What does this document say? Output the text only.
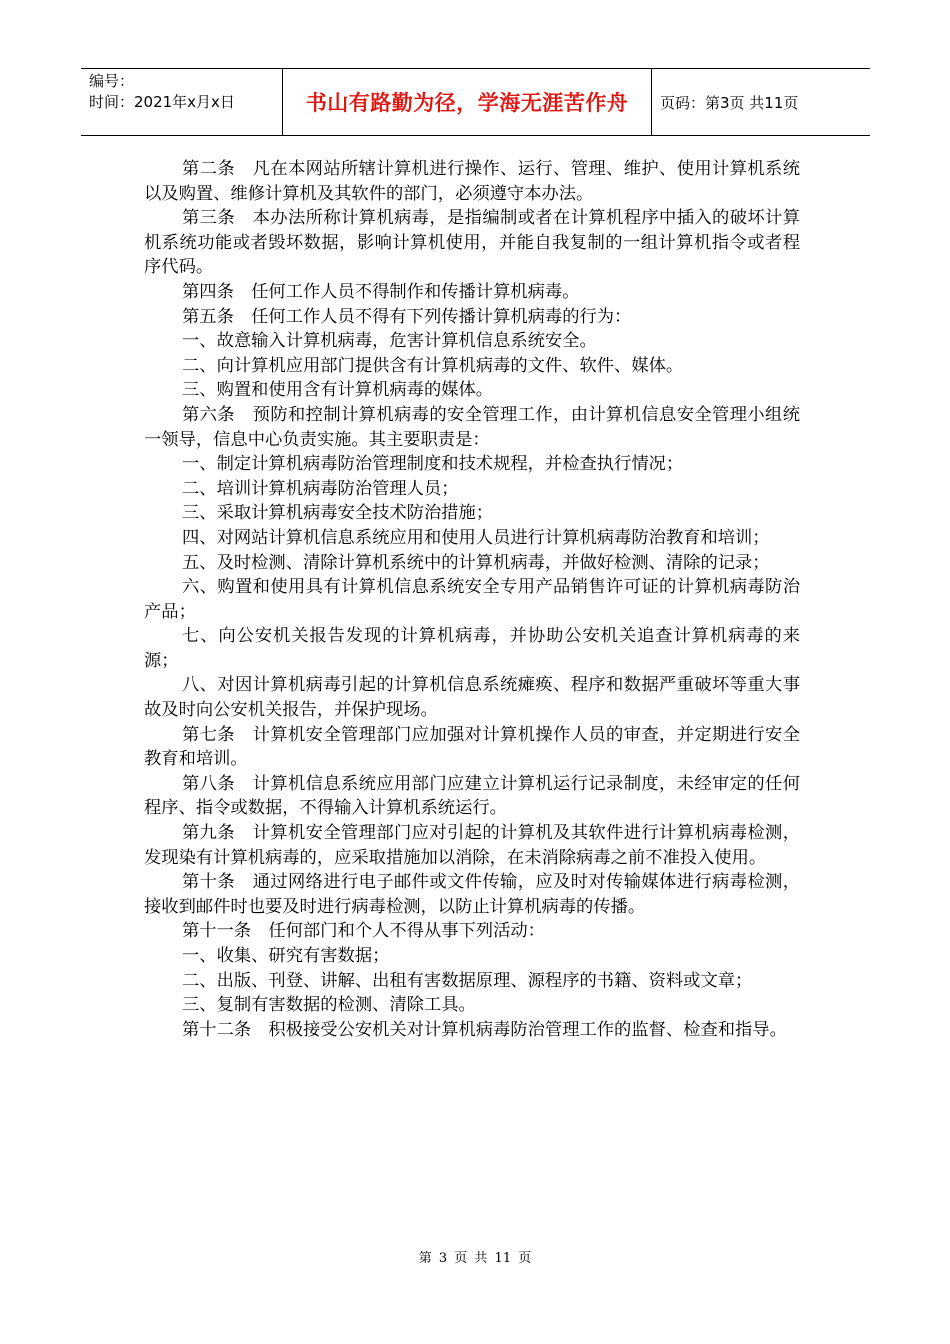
编号：
时间：2021年x月x日	书山有路勤为径，学海无涯苦作舟	页码：第3页 共11页

第二条　凡在本网站所辖计算机进行操作、运行、管理、维护、使用计算机系统以及购置、维修计算机及其软件的部门，必须遵守本办法。

第三条　本办法所称计算机病毒，是指编制或者在计算机程序中插入的破坏计算机系统功能或者毁坏数据，影响计算机使用，并能自我复制的一组计算机指令或者程序代码。

第四条　任何工作人员不得制作和传播计算机病毒。

第五条　任何工作人员不得有下列传播计算机病毒的行为：

一、故意输入计算机病毒，危害计算机信息系统安全。

二、向计算机应用部门提供含有计算机病毒的文件、软件、媒体。

三、购置和使用含有计算机病毒的媒体。

第六条　预防和控制计算机病毒的安全管理工作，由计算机信息安全管理小组统一领导，信息中心负责实施。其主要职责是：

一、制定计算机病毒防治管理制度和技术规程，并检查执行情况；

二、培训计算机病毒防治管理人员；

三、采取计算机病毒安全技术防治措施；

四、对网站计算机信息系统应用和使用人员进行计算机病毒防治教育和培训；

五、及时检测、清除计算机系统中的计算机病毒，并做好检测、清除的记录；

六、购置和使用具有计算机信息系统安全专用产品销售许可证的计算机病毒防治产品；

七、向公安机关报告发现的计算机病毒，并协助公安机关追查计算机病毒的来源；

八、对因计算机病毒引起的计算机信息系统瘫痪、程序和数据严重破坏等重大事故及时向公安机关报告，并保护现场。

第七条　计算机安全管理部门应加强对计算机操作人员的审查，并定期进行安全教育和培训。

第八条　计算机信息系统应用部门应建立计算机运行记录制度，未经审定的任何程序、指令或数据，不得输入计算机系统运行。

第九条　计算机安全管理部门应对引起的计算机及其软件进行计算机病毒检测，发现染有计算机病毒的，应采取措施加以消除，在未消除病毒之前不准投入使用。

第十条　通过网络进行电子邮件或文件传输，应及时对传输媒体进行病毒检测，接收到邮件时也要及时进行病毒检测，以防止计算机病毒的传播。

第十一条　任何部门和个人不得从事下列活动：

一、收集、研究有害数据；

二、出版、刊登、讲解、出租有害数据原理、源程序的书籍、资料或文章；

三、复制有害数据的检测、清除工具。

第十二条　积极接受公安机关对计算机病毒防治管理工作的监督、检查和指导。

第 3 页 共 11 页
